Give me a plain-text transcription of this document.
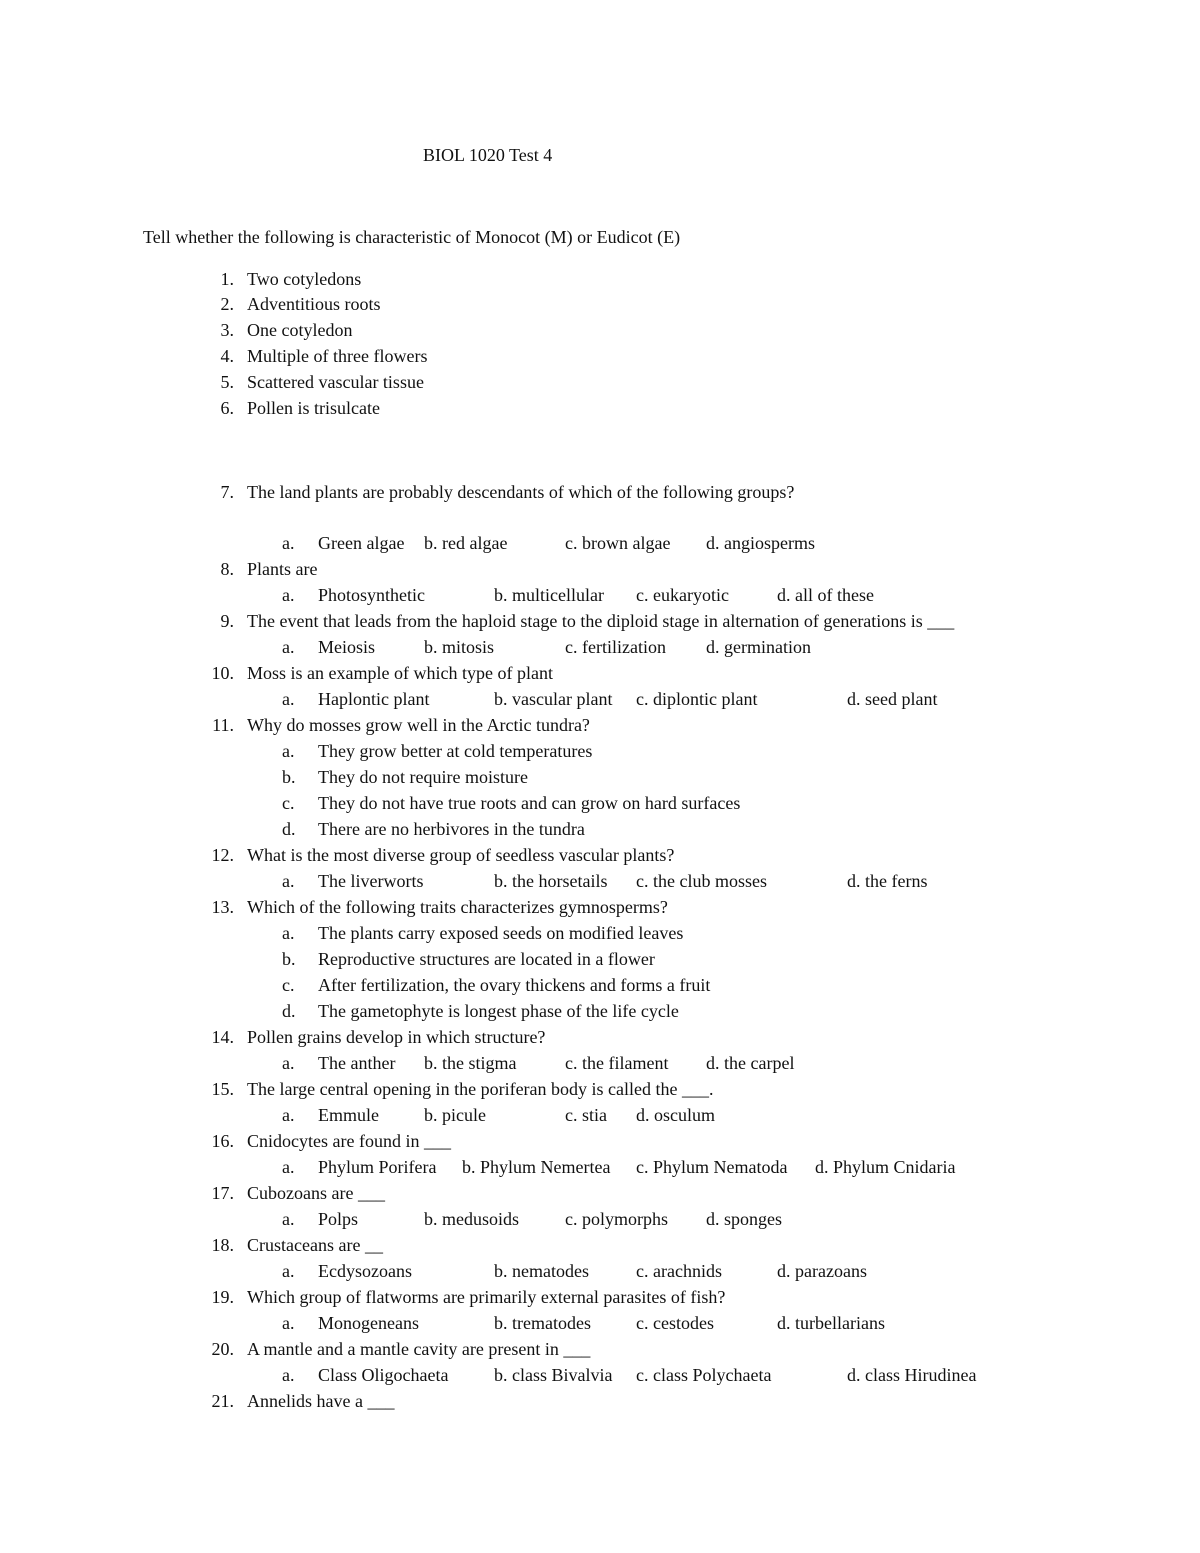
BIOL 1020 Test 4
Tell whether the following is characteristic of Monocot (M) or Eudicot (E)
1. Two cotyledons
2. Adventitious roots
3. One cotyledon
4. Multiple of three flowers
5. Scattered vascular tissue
6. Pollen is trisulcate
7. The land plants are probably descendants of which of the following groups?
a. Green algae b. red algae	c. brown algae d. angiosperms
8. Plants are
a. Photosynthetic	b. multicellular c. eukaryotic	d. all of these
9. The event that leads from the haploid stage to the diploid stage in alternation of generations is ___
a. Meiosis	b. mitosis	c. fertilization d. germination
10. Moss is an example of which type of plant
a. Haplontic plant	b. vascular plant c. diplontic plant	d. seed plant
11. Why do mosses grow well in the Arctic tundra?
a. They grow better at cold temperatures
b. They do not require moisture
c. They do not have true roots and can grow on hard surfaces
d. There are no herbivores in the tundra
12. What is the most diverse group of seedless vascular plants?
a. The liverworts	b. the horsetails c. the club mosses	d. the ferns
13. Which of the following traits characterizes gymnosperms?
a. The plants carry exposed seeds on modified leaves
b. Reproductive structures are located in a flower
c. After fertilization, the ovary thickens and forms a fruit
d. The gametophyte is longest phase of the life cycle
14. Pollen grains develop in which structure?
a. The anther b. the stigma	c. the filament d. the carpel
15. The large central opening in the poriferan body is called the ___.
a. Emmule	b. picule	c. stia d. osculum
16. Cnidocytes are found in ___
a. Phylum Porifera b. Phylum Nemertea c. Phylum Nematoda d. Phylum Cnidaria
17. Cubozoans are ___
a. Polps	b. medusoids	c. polymorphs d. sponges
18. Crustaceans are __
a. Ecdysozoans	b. nematodes	c. arachnids	d. parazoans
19. Which group of flatworms are primarily external parasites of fish?
a. Monogeneans	b. trematodes	c. cestodes	d. turbellarians
20. A mantle and a mantle cavity are present in ___
a. Class Oligochaeta	b. class Bivalvia c. class Polychaeta	d. class Hirudinea
21. Annelids have a ___
